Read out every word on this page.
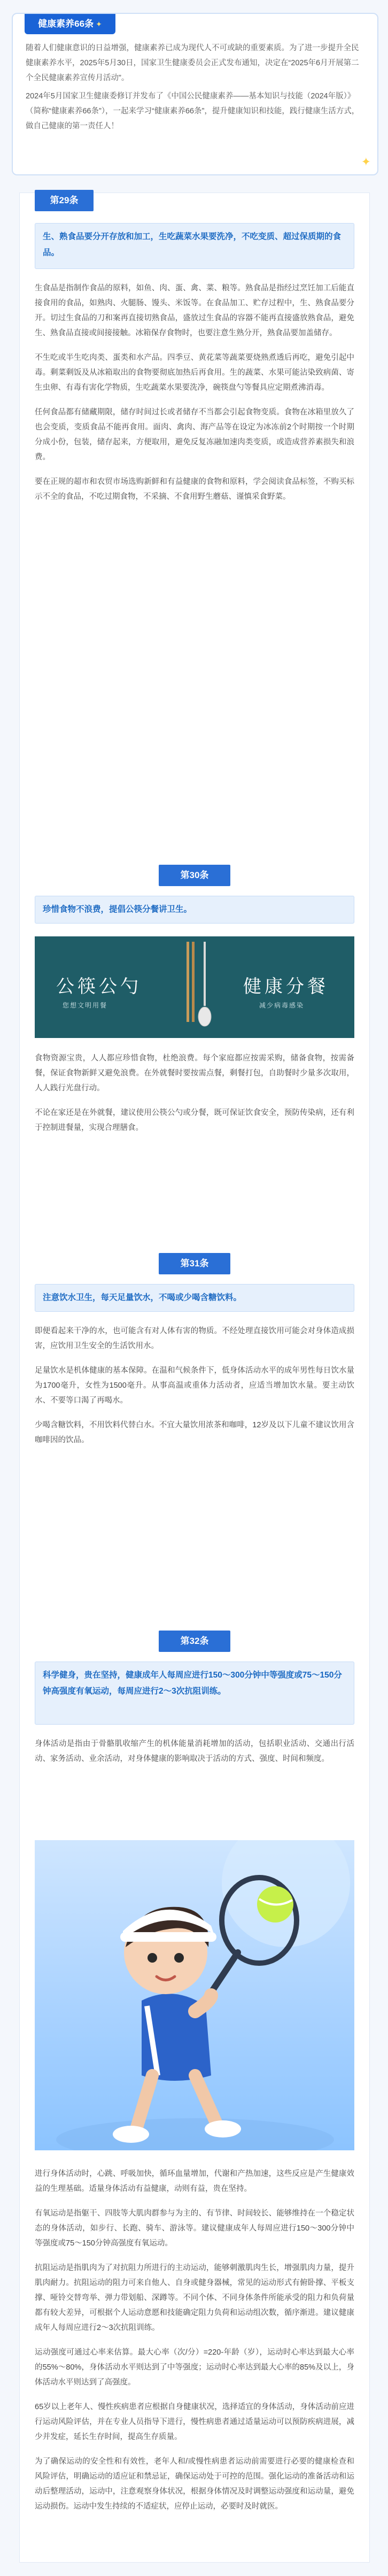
健康素养66条 ✦

随着人们健康意识的日益增强，健康素养已成为现代人不可或缺的重要素质。为了进一步提升全民健康素养水平，2025年5月30日，国家卫生健康委员会正式发布通知，决定在“2025年6月开展第二个全民健康素养宣传月活动”。

2024年5月国家卫生健康委修订并发布了《中国公民健康素养——基本知识与技能（2024年版）》（简称“健康素养66条”），一起来学习“健康素养66条”，提升健康知识和技能，践行健康生活方式，做自己健康的第一责任人！

✦
第29条
生、熟食品要分开存放和加工，生吃蔬菜水果要洗净，不吃变质、超过保质期的食品。

生食品是指制作食品的原料，如鱼、肉、蛋、禽、菜、粮等。熟食品是指经过烹饪加工后能直接食用的食品，如熟肉、火腿肠、馒头、米饭等。在食品加工、贮存过程中，生、熟食品要分开。切过生食品的刀和案再直接切熟食品，盛放过生食品的容器不能再直接盛放熟食品，避免生、熟食品直接或间接接触。冰箱保存食物时，也要注意生熟分开，熟食品要加盖储存。

不生吃或半生吃肉类、蛋类和水产品。四季豆、黄花菜等蔬菜要烧熟煮透后再吃，避免引起中毒。剩菜剩饭及从冰箱取出的食物要彻底加热后再食用。生的蔬菜、水果可能沾染致病菌、寄生虫卵、有毒有害化学物质，生吃蔬菜水果要洗净，碗筷盘勺等餐具应定期煮沸消毒。

任何食品都有储藏期限，储存时间过长或者储存不当都会引起食物变质。食物在冰箱里放久了也会变质，变质食品不能再食用。面肉、禽肉、海产品等在设定为冰冻前2个时期按一个时期分成小份，包装，储存起来，方便取用，避免反复冻融加速肉类变质，或造成营养素损失和浪费。

要在正规的超市和农贸市场选购新鲜和有益健康的食物和原料，学会阅读食品标签，不购买标示不全的食品，不吃过期食物，不采摘、不食用野生蘑菇、谨慎采食野菜。

第30条
珍惜食物不浪费，提倡公筷分餐讲卫生。
公筷公勺
您想文明用餐
健康分餐
减少病毒感染

食物资源宝贵，人人都应珍惜食物，杜绝浪费。每个家庭都应按需采购，储备食物，按需备餐，保证食物新鲜又避免浪费。在外就餐时要按需点餐，剩餐打包，自助餐时少量多次取用，人人践行光盘行动。

不论在家还是在外就餐，建议使用公筷公勺或分餐，既可保证饮食安全，预防传染病，还有利于控制进餐量，实现合理膳食。

第31条
注意饮水卫生，每天足量饮水，不喝或少喝含糖饮料。

即便看起来干净的水，也可能含有对人体有害的物质。不经处理直接饮用可能会对身体造成损害，应饮用卫生安全的生活饮用水。

足量饮水是机体健康的基本保障。在温和气候条件下，低身体活动水平的成年男性每日饮水量为1700毫升，女性为1500毫升。从事高温或重体力活动者，应适当增加饮水量。要主动饮水、不要等口渴了再喝水。

少喝含糖饮料，不用饮料代替白水。不宜大量饮用浓茶和咖啡，12岁及以下儿童不建议饮用含咖啡因的饮品。

第32条
科学健身，贵在坚持，健康成年人每周应进行150～300分钟中等强度或75～150分钟高强度有氧运动，每周应进行2～3次抗阻训练。

身体活动是指由于骨骼肌收缩产生的机体能量消耗增加的活动，包括职业活动、交通出行活动、家务活动、业余活动，对身体健康的影响取决于活动的方式、强度、时间和频度。

进行身体活动时，心跳、呼吸加快，循环血量增加，代谢和产热加速，这些反应是产生健康效益的生理基础。适量身体活动有益健康，动则有益，贵在坚持。

有氧运动是指躯干、四肢等大肌肉群参与为主的、有节律、时间较长、能够维持在一个稳定状态的身体活动，如步行、长跑、骑车、游泳等。建议健康成年人每周应进行150～300分钟中等强度或75～150分钟高强度有氧运动。

抗阻运动是指肌肉为了对抗阻力所进行的主动运动，能够刺激肌肉生长，增强肌肉力量，提升肌肉耐力。抗阻运动的阻力可来自他人、自身或健身器械，常见的运动形式有俯卧撑、平板支撑、哑铃交替弯举、弹力带划船、深蹲等。不同个体、不同身体条件所能承受的阻力和负荷量都有较大差异，可根据个人运动意愿和技能确定阻力负荷和运动组次数，循序渐进。建议健康成年人每周应进行2～3次抗阻训练。

运动强度可通过心率来估算。最大心率（次/分）=220-年龄（岁），运动时心率达到最大心率的55%～80%，身体活动水平则达到了中等强度；运动时心率达到最大心率的85%及以上，身体活动水平则达到了高强度。

65岁以上老年人、慢性疾病患者应根据自身健康状况，选择适宜的身体活动，身体活动前应进行运动风险评估，并在专业人员指导下进行，慢性病患者通过适量运动可以预防疾病进展，减少并发症，延长生存时间，提高生存质量。

为了确保运动的安全性和有效性，老年人和/或慢性病患者运动前需要进行必要的健康检查和风险评估，明确运动的适应证和禁忌证，确保运动处于可控的范围。强化运动的准备活动和运动后整理活动，运动中，注意观察身体状况，根据身体情况及时调整运动强度和运动量，避免运动损伤。运动中发生持续的不适症状，应停止运动，必要时及时就医。
